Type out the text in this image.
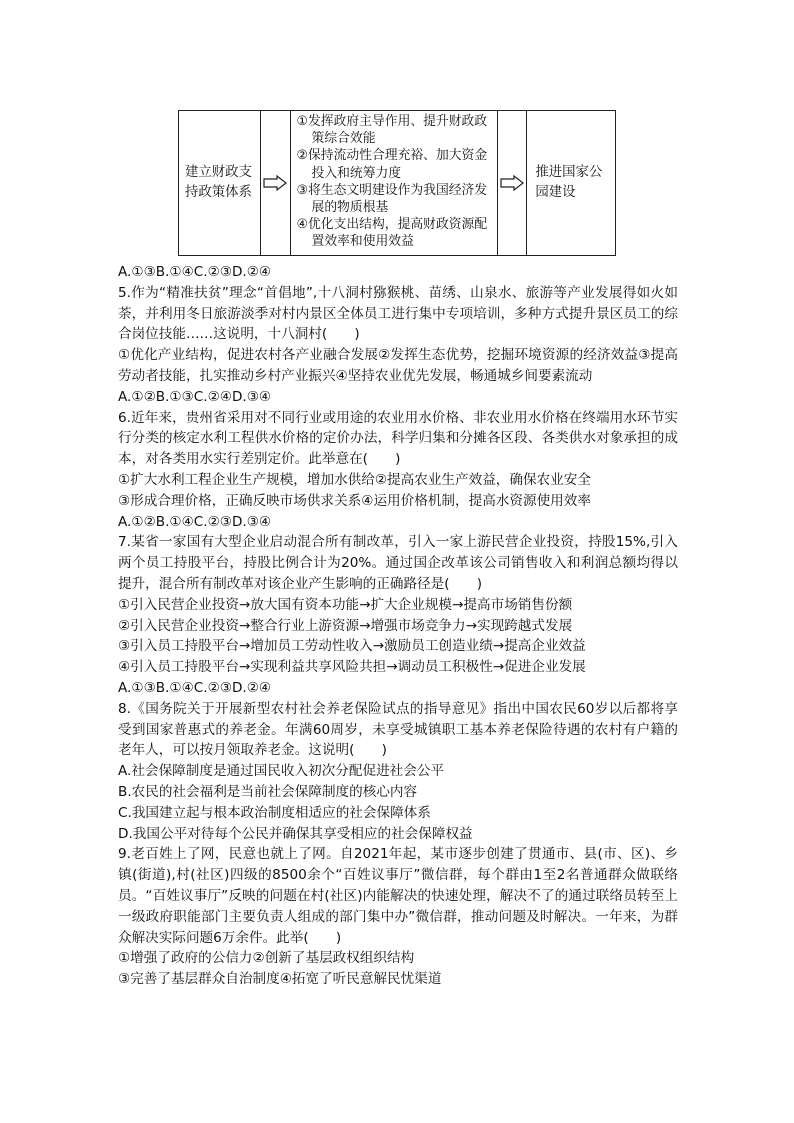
建立财政支持政策体系
①发挥政府主导作用、提升财政政策综合效能
②保持流动性合理充裕、加大资金投入和统筹力度
③将生态文明建设作为我国经济发展的物质根基
④优化支出结构，提高财政资源配置效率和使用效益
推进国家公园建设

A.①③B.①④C.②③D.②④

5.作为“精准扶贫”理念“首倡地”,十八洞村猕猴桃、苗绣、山泉水、旅游等产业发展得如火如荼，并利用冬日旅游淡季对村内景区全体员工进行集中专项培训，多种方式提升景区员工的综合岗位技能……这说明，十八洞村(　　)

①优化产业结构，促进农村各产业融合发展②发挥生态优势，挖掘环境资源的经济效益③提高劳动者技能，扎实推动乡村产业振兴④坚持农业优先发展，畅通城乡间要素流动

A.①②B.①③C.②④D.③④

6.近年来，贵州省采用对不同行业或用途的农业用水价格、非农业用水价格在终端用水环节实行分类的核定水利工程供水价格的定价办法，科学归集和分摊各区段、各类供水对象承担的成本，对各类用水实行差别定价。此举意在(　　)

①扩大水利工程企业生产规模，增加水供给②提高农业生产效益，确保农业安全

③形成合理价格，正确反映市场供求关系④运用价格机制，提高水资源使用效率

A.①②B.①④C.②③D.③④

7.某省一家国有大型企业启动混合所有制改革，引入一家上游民营企业投资，持股15%,引入两个员工持股平台，持股比例合计为20%。通过国企改革该公司销售收入和利润总额均得以提升，混合所有制改革对该企业产生影响的正确路径是(　　)

①引入民营企业投资→放大国有资本功能→扩大企业规模→提高市场销售份额

②引入民营企业投资→整合行业上游资源→增强市场竞争力→实现跨越式发展

③引入员工持股平台→增加员工劳动性收入→激励员工创造业绩→提高企业效益

④引入员工持股平台→实现利益共享风险共担→调动员工积极性→促进企业发展

A.①③B.①④C.②③D.②④

8.《国务院关于开展新型农村社会养老保险试点的指导意见》指出中国农民60岁以后都将享受到国家普惠式的养老金。年满60周岁，未享受城镇职工基本养老保险待遇的农村有户籍的老年人，可以按月领取养老金。这说明(　　)

A.社会保障制度是通过国民收入初次分配促进社会公平

B.农民的社会福利是当前社会保障制度的核心内容

C.我国建立起与根本政治制度相适应的社会保障体系

D.我国公平对待每个公民并确保其享受相应的社会保障权益

9.老百姓上了网，民意也就上了网。自2021年起，某市逐步创建了贯通市、县(市、区)、乡镇(街道),村(社区)四级的8500余个“百姓议事厅”微信群，每个群由1至2名普通群众做联络员。“百姓议事厅”反映的问题在村(社区)内能解决的快速处理，解决不了的通过联络员转至上一级政府职能部门主要负责人组成的部门集中办”微信群，推动问题及时解决。一年来，为群众解决实际问题6万余件。此举(　　)

①增强了政府的公信力②创新了基层政权组织结构

③完善了基层群众自治制度④拓宽了听民意解民忧渠道
